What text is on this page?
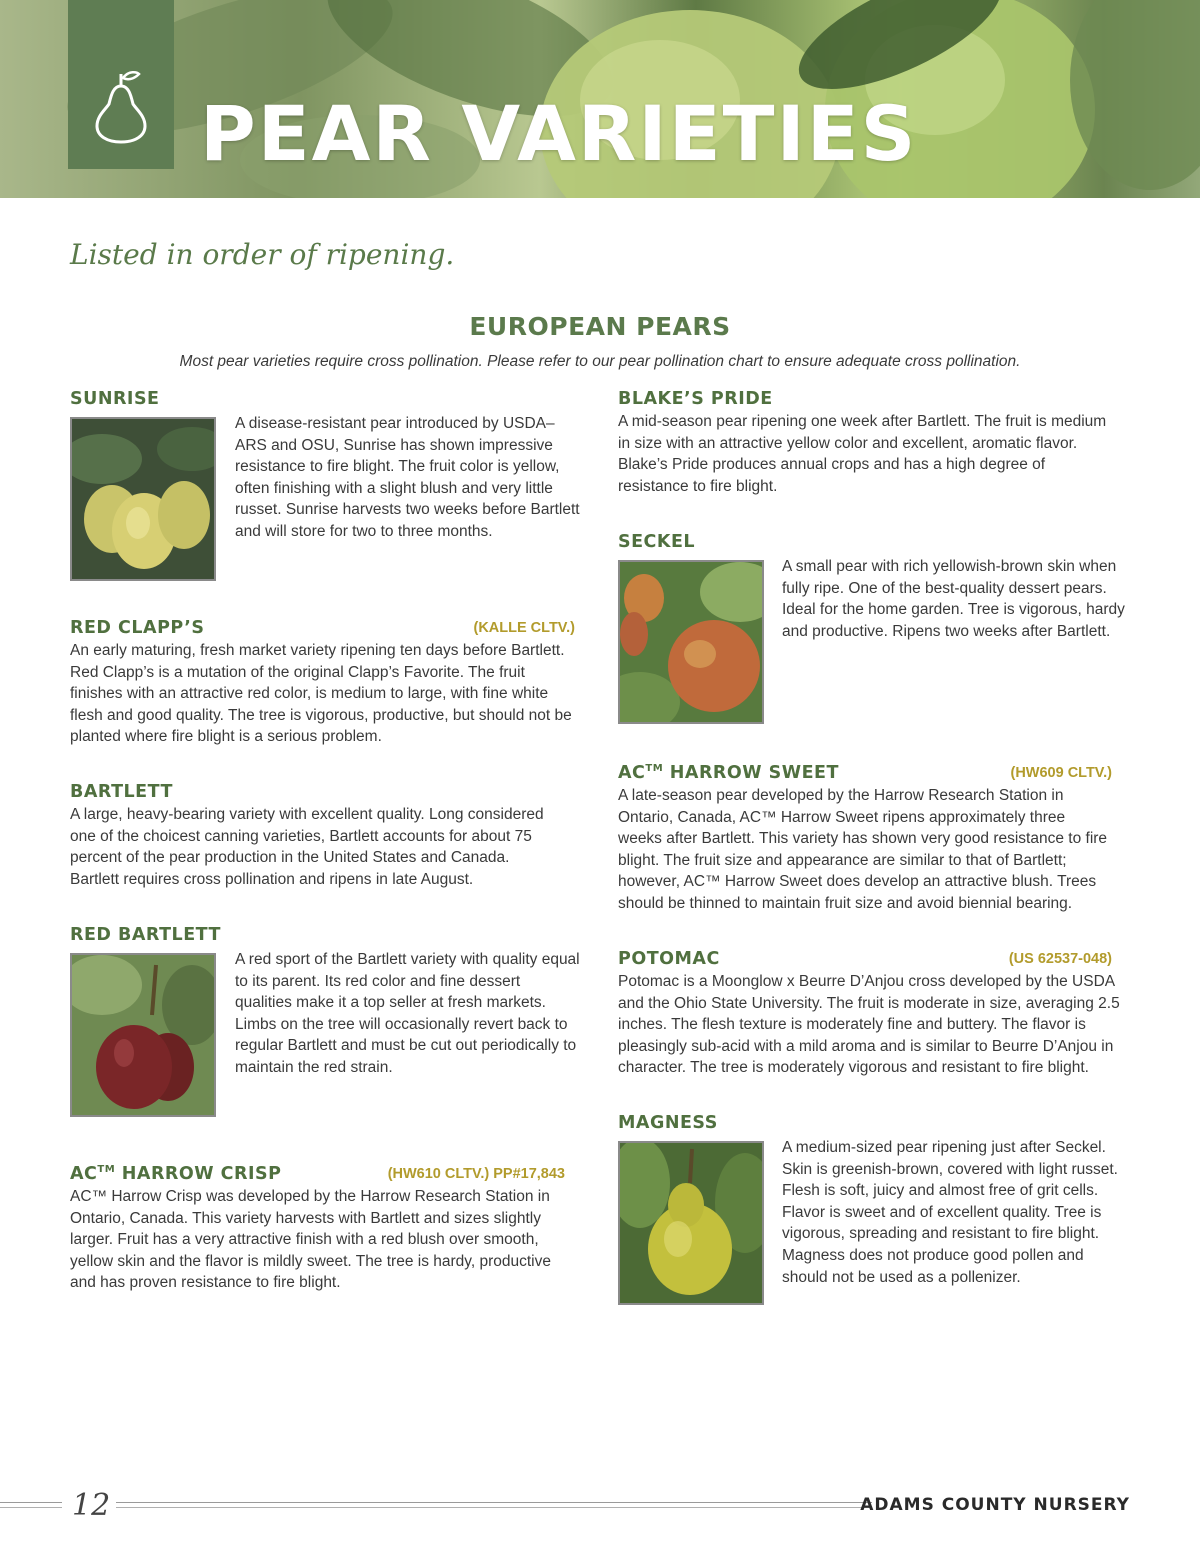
PEAR VARIETIES

Listed in order of ripening.

EUROPEAN PEARS

Most pear varieties require cross pollination. Please refer to our pear pollination chart to ensure adequate cross pollination.

SUNRISE

A disease-resistant pear introduced by USDA–ARS and OSU, Sunrise has shown impressive resistance to fire blight. The fruit color is yellow, often finishing with a slight blush and very little russet. Sunrise harvests two weeks before Bartlett and will store for two to three months.

RED CLAPP’S	(KALLE CLTV.)

An early maturing, fresh market variety ripening ten days before Bartlett. Red Clapp’s is a mutation of the original Clapp’s Favorite. The fruit finishes with an attractive red color, is medium to large, with fine white flesh and good quality. The tree is vigorous, productive, but should not be planted where fire blight is a serious problem.

BARTLETT

A large, heavy-bearing variety with excellent quality. Long considered one of the choicest canning varieties, Bartlett accounts for about 75 percent of the pear production in the United States and Canada. Bartlett requires cross pollination and ripens in late August.

RED BARTLETT

A red sport of the Bartlett variety with quality equal to its parent. Its red color and fine dessert qualities make it a top seller at fresh markets. Limbs on the tree will occasionally revert back to regular Bartlett and must be cut out periodically to maintain the red strain.

AC™ HARROW CRISP	(HW610 CLTV.) PP#17,843

AC™ Harrow Crisp was developed by the Harrow Research Station in Ontario, Canada. This variety harvests with Bartlett and sizes slightly larger. Fruit has a very attractive finish with a red blush over smooth, yellow skin and the flavor is mildly sweet. The tree is hardy, productive and has proven resistance to fire blight.

BLAKE’S PRIDE

A mid-season pear ripening one week after Bartlett. The fruit is medium in size with an attractive yellow color and excellent, aromatic flavor. Blake’s Pride produces annual crops and has a high degree of resistance to fire blight.

SECKEL

A small pear with rich yellowish-brown skin when fully ripe. One of the best-quality dessert pears. Ideal for the home garden. Tree is vigorous, hardy and productive. Ripens two weeks after Bartlett.

AC™ HARROW SWEET	(HW609 CLTV.)

A late-season pear developed by the Harrow Research Station in Ontario, Canada, AC™ Harrow Sweet ripens approximately three weeks after Bartlett. This variety has shown very good resistance to fire blight. The fruit size and appearance are similar to that of Bartlett; however, AC™ Harrow Sweet does develop an attractive blush. Trees should be thinned to maintain fruit size and avoid biennial bearing.

POTOMAC	(US 62537-048)

Potomac is a Moonglow x Beurre D’Anjou cross developed by the USDA and the Ohio State University. The fruit is moderate in size, averaging 2.5 inches. The flesh texture is moderately fine and buttery. The flavor is pleasingly sub-acid with a mild aroma and is similar to Beurre D’Anjou in character. The tree is moderately vigorous and resistant to fire blight.

MAGNESS

A medium-sized pear ripening just after Seckel. Skin is greenish-brown, covered with light russet. Flesh is soft, juicy and almost free of grit cells. Flavor is sweet and of excellent quality. Tree is vigorous, spreading and resistant to fire blight. Magness does not produce good pollen and should not be used as a pollenizer.

12	ADAMS COUNTY NURSERY
